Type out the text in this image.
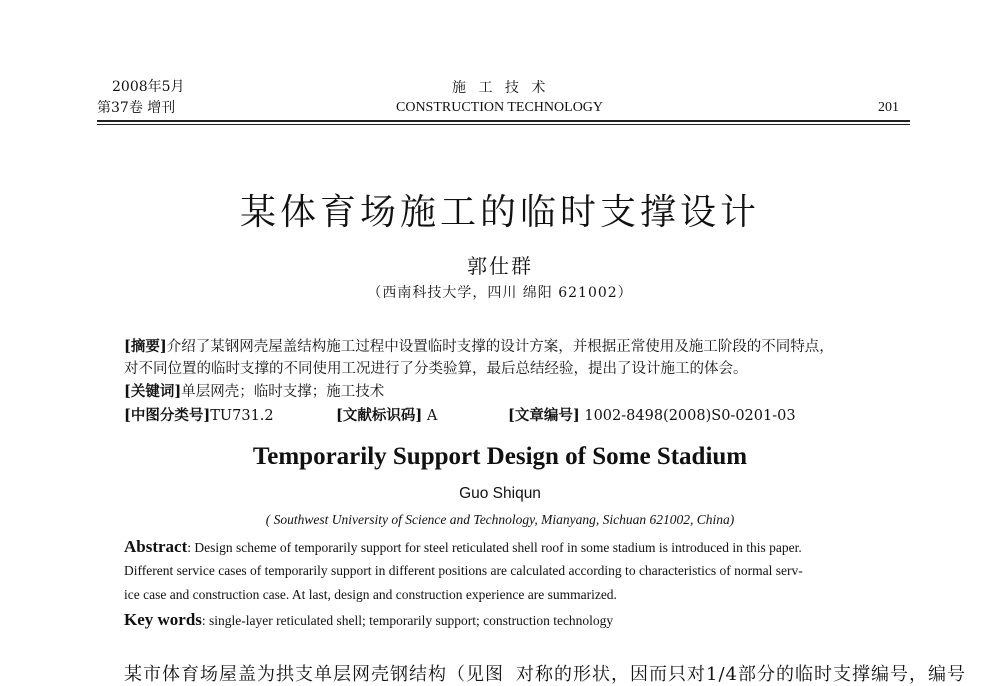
2008年5月
第37卷 增刊
施 工 技 术
CONSTRUCTION TECHNOLOGY	201
某体育场施工的临时支撑设计
郭仕群
（西南科技大学，四川 绵阳 621002）
[摘要]介绍了某钢网壳屋盖结构施工过程中设置临时支撑的设计方案，并根据正常使用及施工阶段的不同特点，
对不同位置的临时支撑的不同使用工况进行了分类验算，最后总结经验，提出了设计施工的体会。
[关键词]单层网壳；临时支撑；施工技术
[中图分类号]TU731.2	[文献标识码] A	[文章编号] 1002-8498(2008)S0-0201-03
Temporarily Support Design of Some Stadium
Guo Shiqun
( Southwest University of Science and Technology, Mianyang, Sichuan 621002, China)
Abstract: Design scheme of temporarily support for steel reticulated shell roof in some stadium is introduced in this paper.
Different service cases of temporarily support in different positions are calculated according to characteristics of normal serv-
ice case and construction case. At last, design and construction experience are summarized.
Key words: single-layer reticulated shell; temporarily support; construction technology
某市体育场屋盖为拱支单层网壳钢结构（见图 对称的形状，因而只对1/4部分的临时支撑编号，编号
